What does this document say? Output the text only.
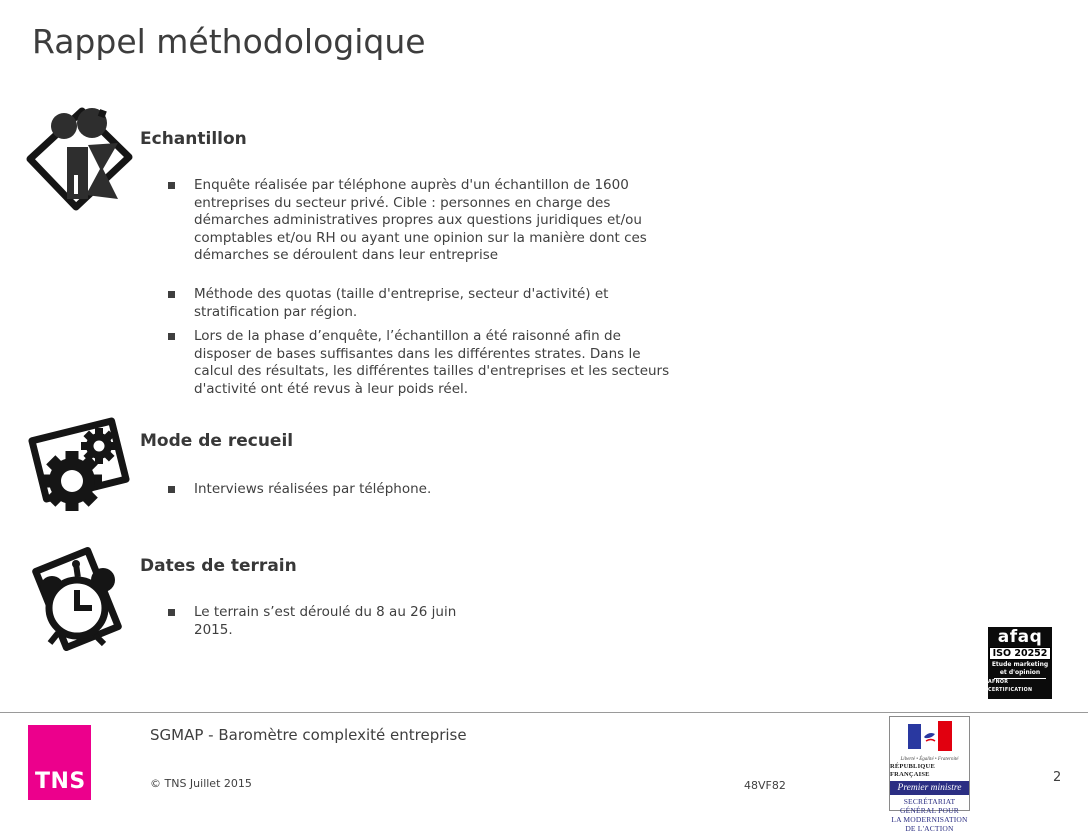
Rappel méthodologique
Echantillon
Enquête réalisée par téléphone auprès d'un échantillon de 1600 entreprises du secteur privé. Cible : personnes en charge des démarches administratives propres aux questions juridiques et/ou comptables et/ou RH ou ayant une opinion sur la manière dont ces démarches se déroulent dans leur entreprise
Méthode des quotas (taille d'entreprise, secteur d'activité) et stratification par région.
Lors de la phase d’enquête, l’échantillon a été raisonné afin de disposer de bases suffisantes dans les différentes strates. Dans le calcul des résultats, les différentes tailles d'entreprises et les secteurs d'activité ont été revus à leur poids réel.
Mode de recueil
Interviews réalisées par téléphone.
Dates de terrain
Le terrain s’est déroulé du 8 au 26 juin 2015.	afaq
ISO 20252
Etude marketing
et d'opinion
AFNOR CERTIFICATION
TNS
SGMAP - Baromètre complexité entreprise
© TNS Juillet 2015	48VF82
2
Liberté • Égalité • Fraternité
RÉPUBLIQUE FRANÇAISE
Premier ministre
SECRÉTARIAT
GÉNÉRAL POUR
LA MODERNISATION
DE L'ACTION
